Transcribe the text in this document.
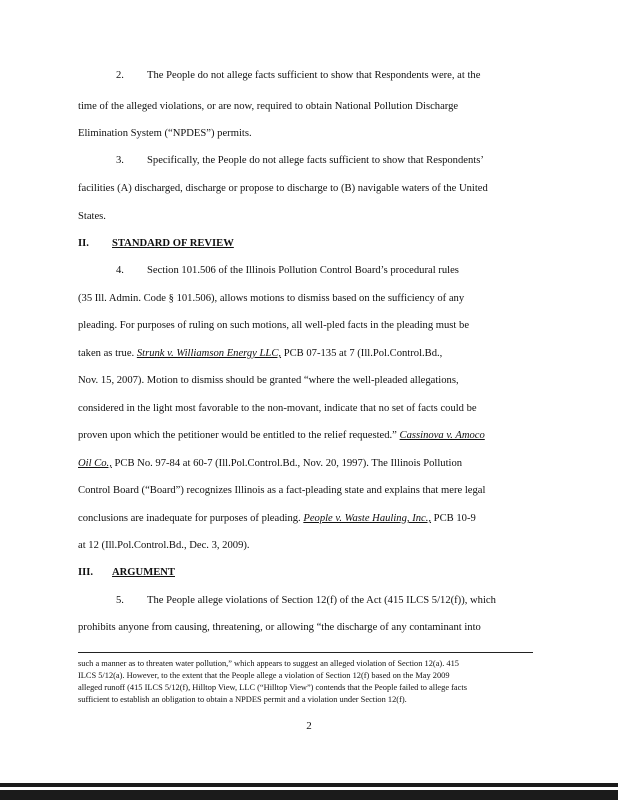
2. The People do not allege facts sufficient to show that Respondents were, at the
time of the alleged violations, or are now, required to obtain National Pollution Discharge
Elimination System (“NPDES”) permits.
3. Specifically, the People do not allege facts sufficient to show that Respondents’
facilities (A) discharged, discharge or propose to discharge to (B) navigable waters of the United
States.
II. STANDARD OF REVIEW
4. Section 101.506 of the Illinois Pollution Control Board’s procedural rules
(35 Ill. Admin. Code § 101.506), allows motions to dismiss based on the sufficiency of any
pleading. For purposes of ruling on such motions, all well-pled facts in the pleading must be
taken as true. Strunk v. Williamson Energy LLC, PCB 07-135 at 7 (Ill.Pol.Control.Bd.,
Nov. 15, 2007). Motion to dismiss should be granted “where the well-pleaded allegations,
considered in the light most favorable to the non-movant, indicate that no set of facts could be
proven upon which the petitioner would be entitled to the relief requested.” Cassinova v. Amoco
Oil Co., PCB No. 97-84 at 60-7 (Ill.Pol.Control.Bd., Nov. 20, 1997). The Illinois Pollution
Control Board (“Board”) recognizes Illinois as a fact-pleading state and explains that mere legal
conclusions are inadequate for purposes of pleading. People v. Waste Hauling, Inc., PCB 10-9
at 12 (Ill.Pol.Control.Bd., Dec. 3, 2009).
III. ARGUMENT
5. The People allege violations of Section 12(f) of the Act (415 ILCS 5/12(f)), which
prohibits anyone from causing, threatening, or allowing “the discharge of any contaminant into
such a manner as to threaten water pollution,” which appears to suggest an alleged violation of Section 12(a). 415
ILCS 5/12(a). However, to the extent that the People allege a violation of Section 12(f) based on the May 2009
alleged runoff (415 ILCS 5/12(f), Hilltop View, LLC (“Hilltop View”) contends that the People failed to allege facts
sufficient to establish an obligation to obtain a NPDES permit and a violation under Section 12(f).
2
